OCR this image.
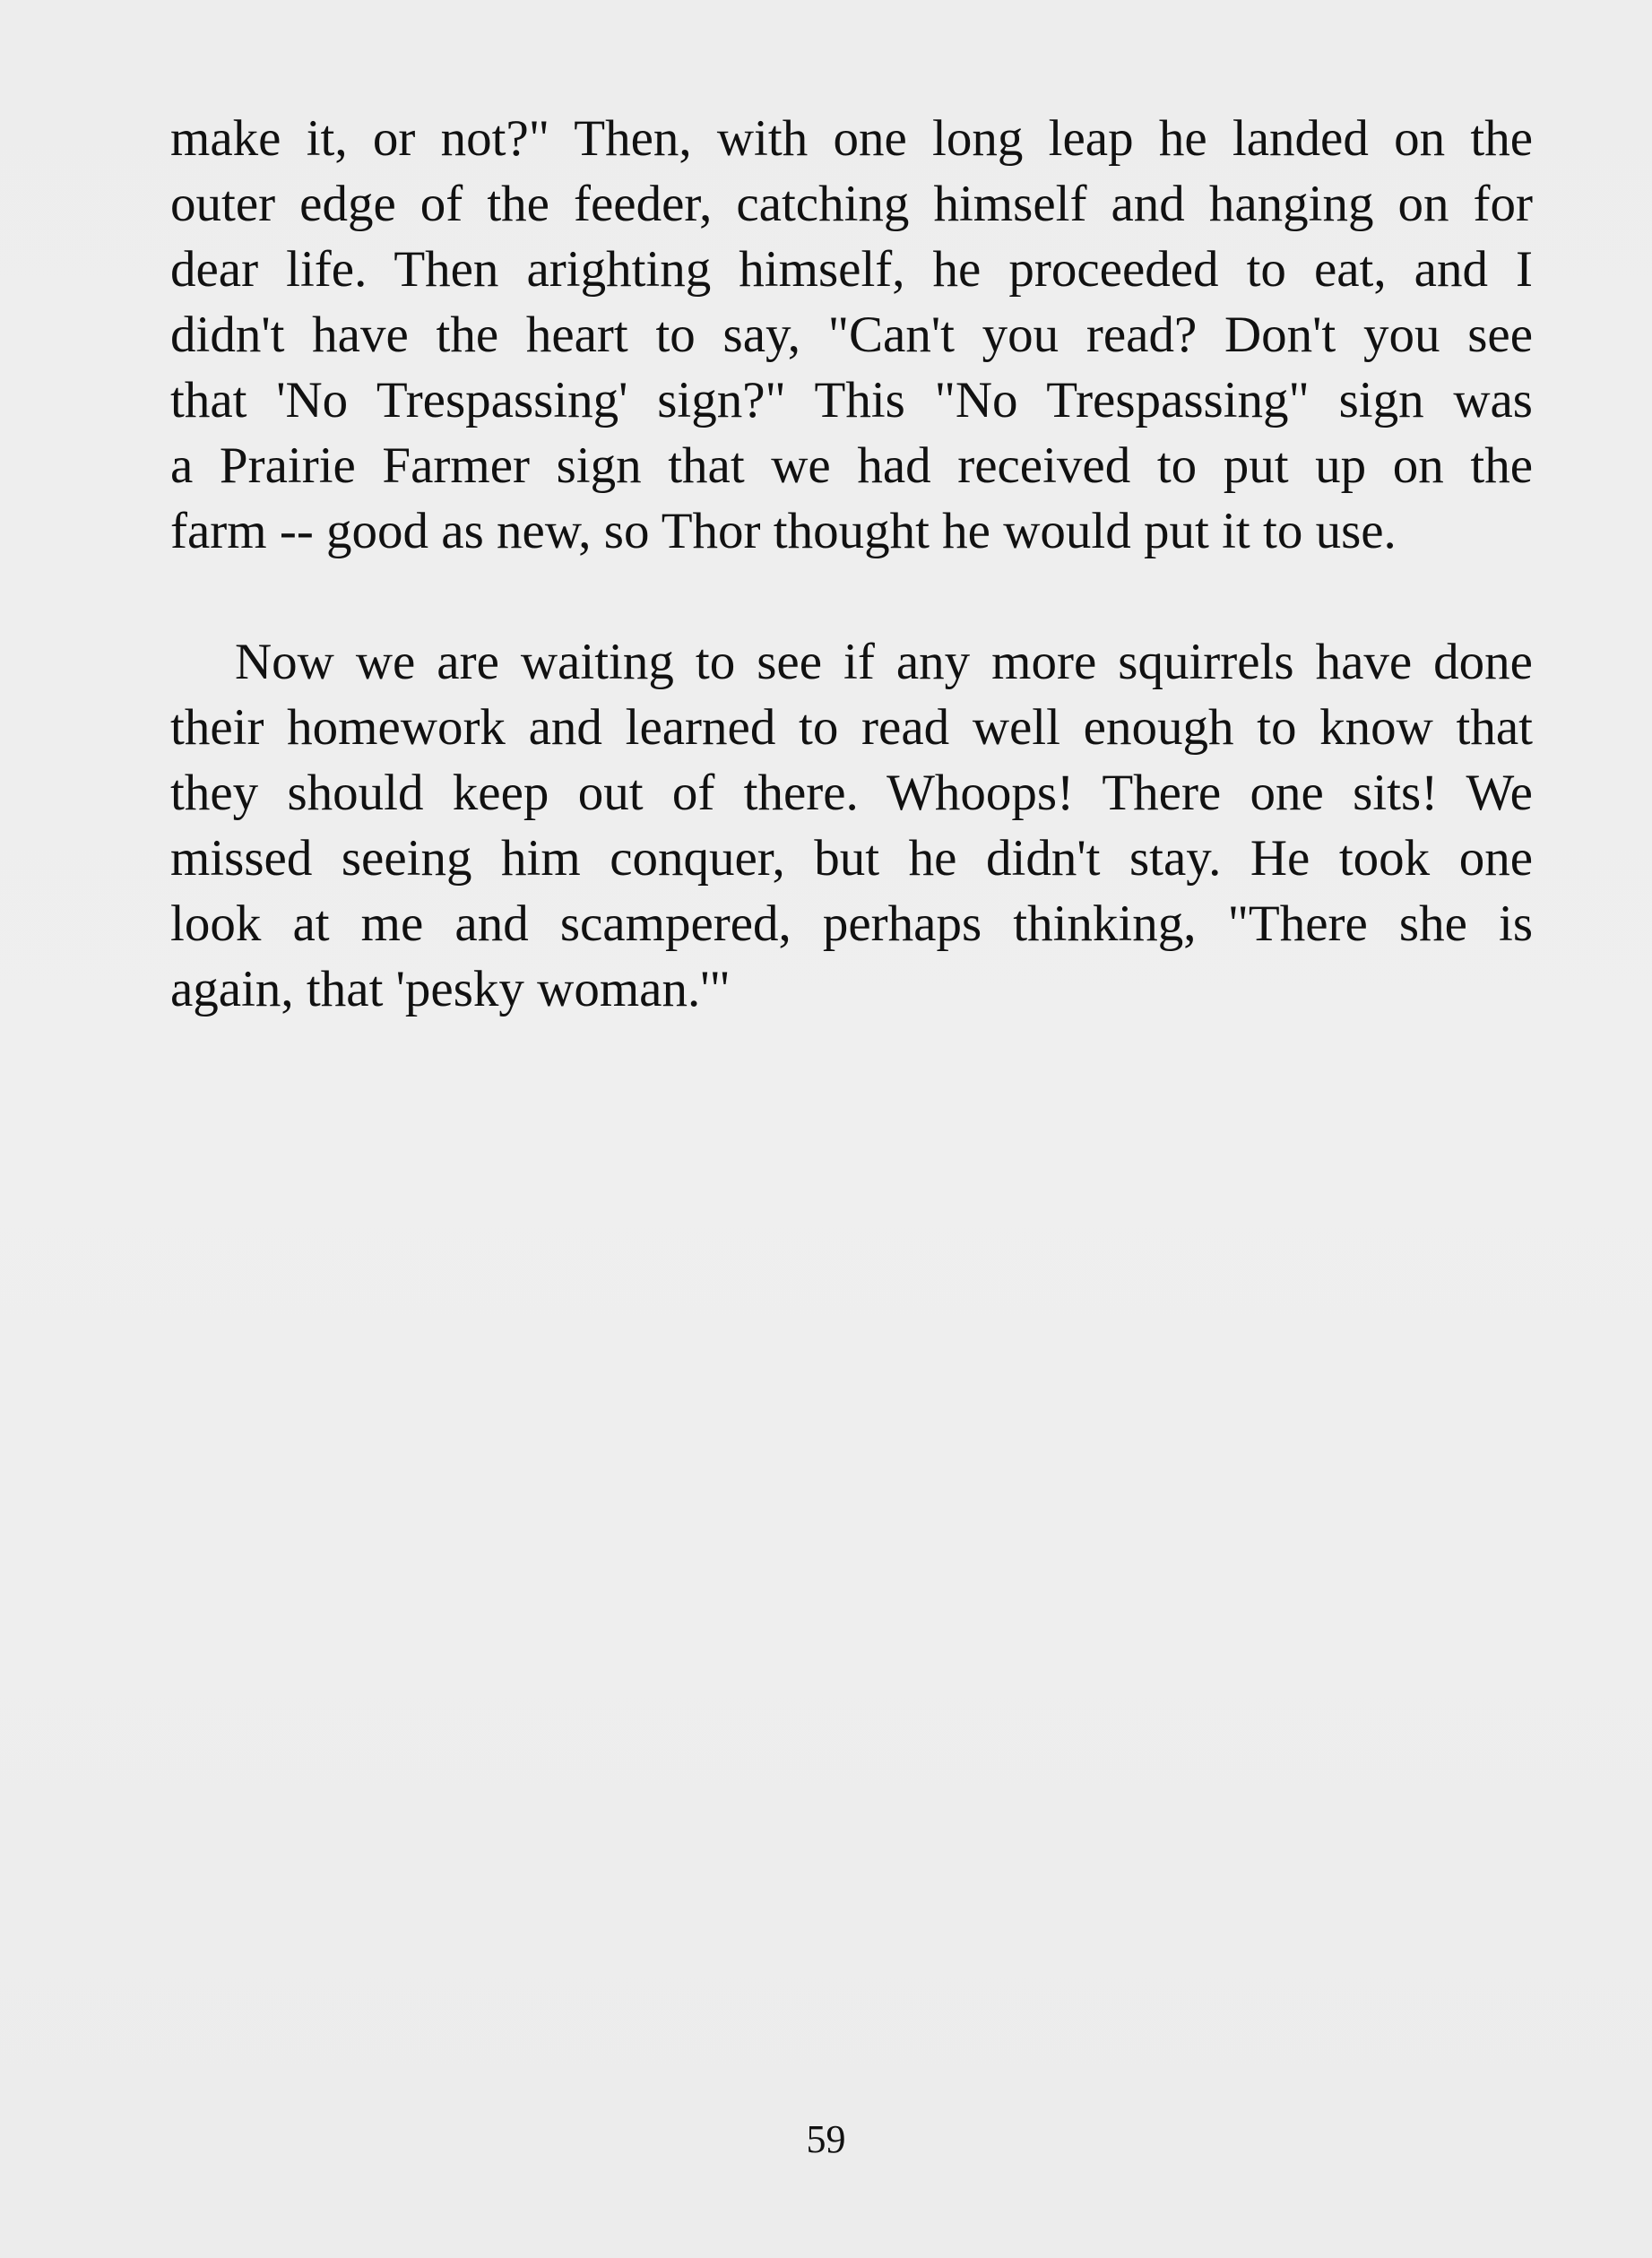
make it, or not?" Then, with one long leap he landed on the
outer edge of the feeder, catching himself and hanging on for
dear life. Then arighting himself, he proceeded to eat, and I
didn't have the heart to say, "Can't you read? Don't you see
that 'No Trespassing' sign?" This "No Trespassing" sign was
a Prairie Farmer sign that we had received to put up on the
farm -- good as new, so Thor thought he would put it to use.
Now we are waiting to see if any more squirrels have done
their homework and learned to read well enough to know that
they should keep out of there. Whoops! There one sits! We
missed seeing him conquer, but he didn't stay. He took one
look at me and scampered, perhaps thinking, "There she is
again, that 'pesky woman.'"
59
